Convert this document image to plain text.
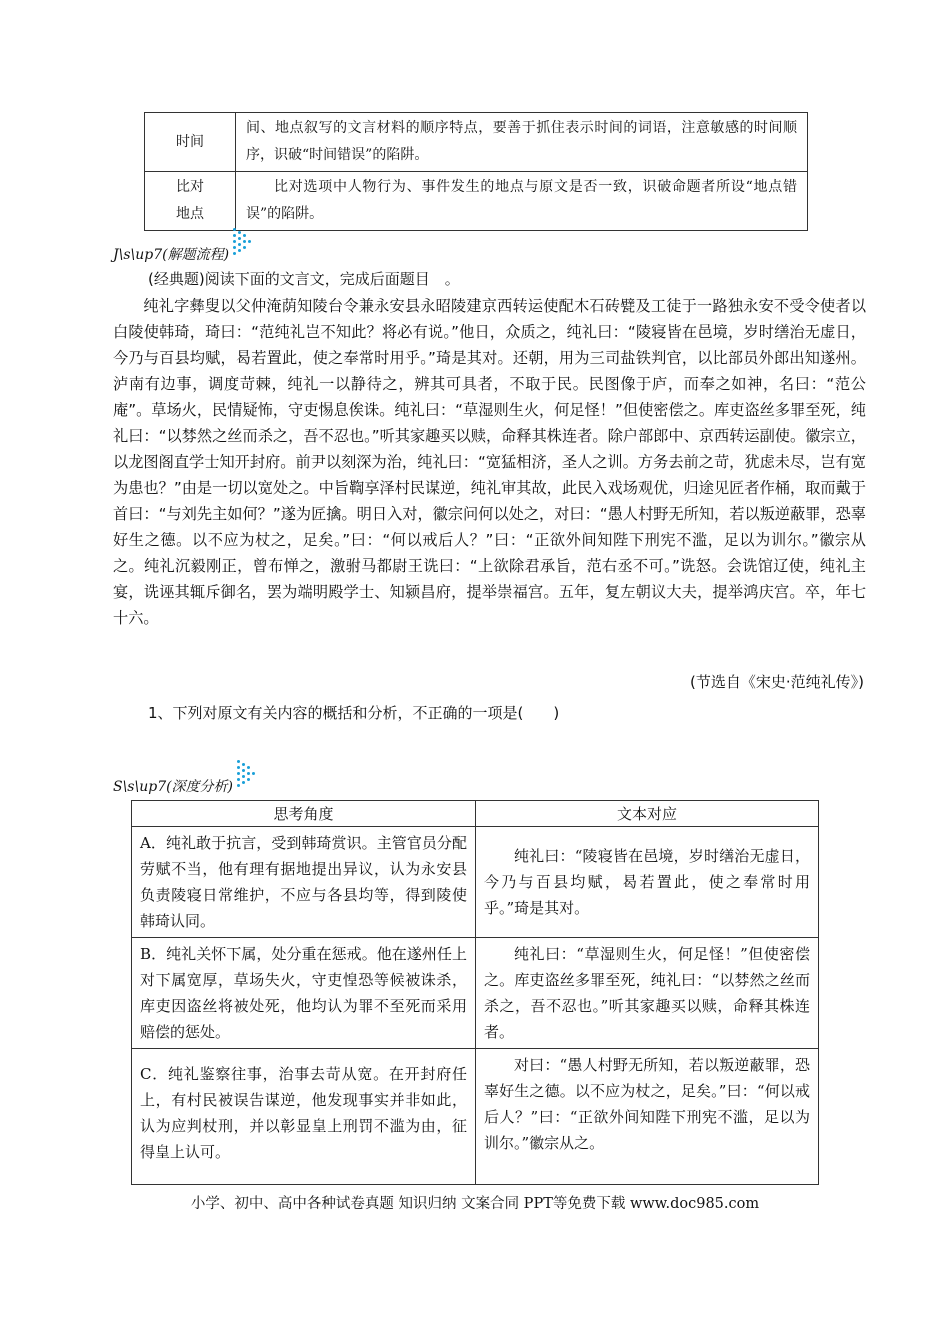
时间	间、地点叙写的文言材料的顺序特点，要善于抓住表示时间的词语，注意敏感的时间顺序，识破“时间错误”的陷阱。
比对地点	比对选项中人物行为、事件发生的地点与原文是否一致，识破命题者所设“地点错误”的陷阱。
J\s\up7(解题流程)
(经典题)阅读下面的文言文，完成后面题目　。
纯礼字彝叟以父仲淹荫知陵台令兼永安县永昭陵建京西转运使配木石砖甓及工徒于一路独永安不受令使者以白陵使韩琦，琦曰：“范纯礼岂不知此？将必有说。”他日，众质之，纯礼曰：“陵寝皆在邑境，岁时缮治无虚日，今乃与百县均赋，曷若置此，使之奉常时用乎。”琦是其对。还朝，用为三司盐铁判官，以比部员外郎出知遂州。泸南有边事，调度苛棘，纯礼一以静待之，辨其可具者，不取于民。民图像于庐，而奉之如神，名曰：“范公庵”。草场火，民情疑怖，守吏惕息俟诛。纯礼曰：“草湿则生火，何足怪！”但使密偿之。库吏盗丝多罪至死，纯礼曰：“以棼然之丝而杀之，吾不忍也。”听其家趣买以赎，命释其株连者。除户部郎中、京西转运副使。徽宗立，以龙图阁直学士知开封府。前尹以刻深为治，纯礼曰：“宽猛相济，圣人之训。方务去前之苛，犹虑未尽，岂有宽为患也？”由是一切以宽处之。中旨鞫享泽村民谋逆，纯礼审其故，此民入戏场观优，归途见匠者作桶，取而戴于首曰：“与刘先主如何？”遂为匠擒。明日入对，徽宗问何以处之，对曰：“愚人村野无所知，若以叛逆蔽罪，恐辜好生之德。以不应为杖之，足矣。”曰：“何以戒后人？”曰：“正欲外间知陛下刑宪不滥，足以为训尔。”徽宗从之。纯礼沉毅刚正，曾布惮之，激驸马都尉王诜曰：“上欲除君承旨，范右丞不可。”诜怒。会诜馆辽使，纯礼主宴，诜诬其辄斥御名，罢为端明殿学士、知颍昌府，提举崇福宫。五年，复左朝议大夫，提举鸿庆宫。卒，年七十六。
(节选自《宋史·范纯礼传》)
1、下列对原文有关内容的概括和分析，不正确的一项是(　　)
S\s\up7(深度分析)
思考角度	文本对应
A．纯礼敢于抗言，受到韩琦赏识。主管官员分配劳赋不当，他有理有据地提出异议，认为永安县负责陵寝日常维护，不应与各县均等，得到陵使韩琦认同。	纯礼曰：“陵寝皆在邑境，岁时缮治无虚日，今乃与百县均赋，曷若置此，使之奉常时用乎。”琦是其对。
B．纯礼关怀下属，处分重在惩戒。他在遂州任上对下属宽厚，草场失火，守吏惶恐等候被诛杀，库吏因盗丝将被处死，他均认为罪不至死而采用赔偿的惩处。	纯礼曰：“草湿则生火，何足怪！”但使密偿之。库吏盗丝多罪至死，纯礼曰：“以棼然之丝而杀之，吾不忍也。”听其家趣买以赎，命释其株连者。
C．纯礼鉴察往事，治事去苛从宽。在开封府任上，有村民被误告谋逆，他发现事实并非如此，认为应判杖刑，并以彰显皇上刑罚不滥为由，征得皇上认可。	对曰：“愚人村野无所知，若以叛逆蔽罪，恐辜好生之德。以不应为杖之，足矣。”曰：“何以戒后人？”曰：“正欲外间知陛下刑宪不滥，足以为训尔。”徽宗从之。
小学、初中、高中各种试卷真题 知识归纳 文案合同 PPT等免费下载 www.doc985.com
